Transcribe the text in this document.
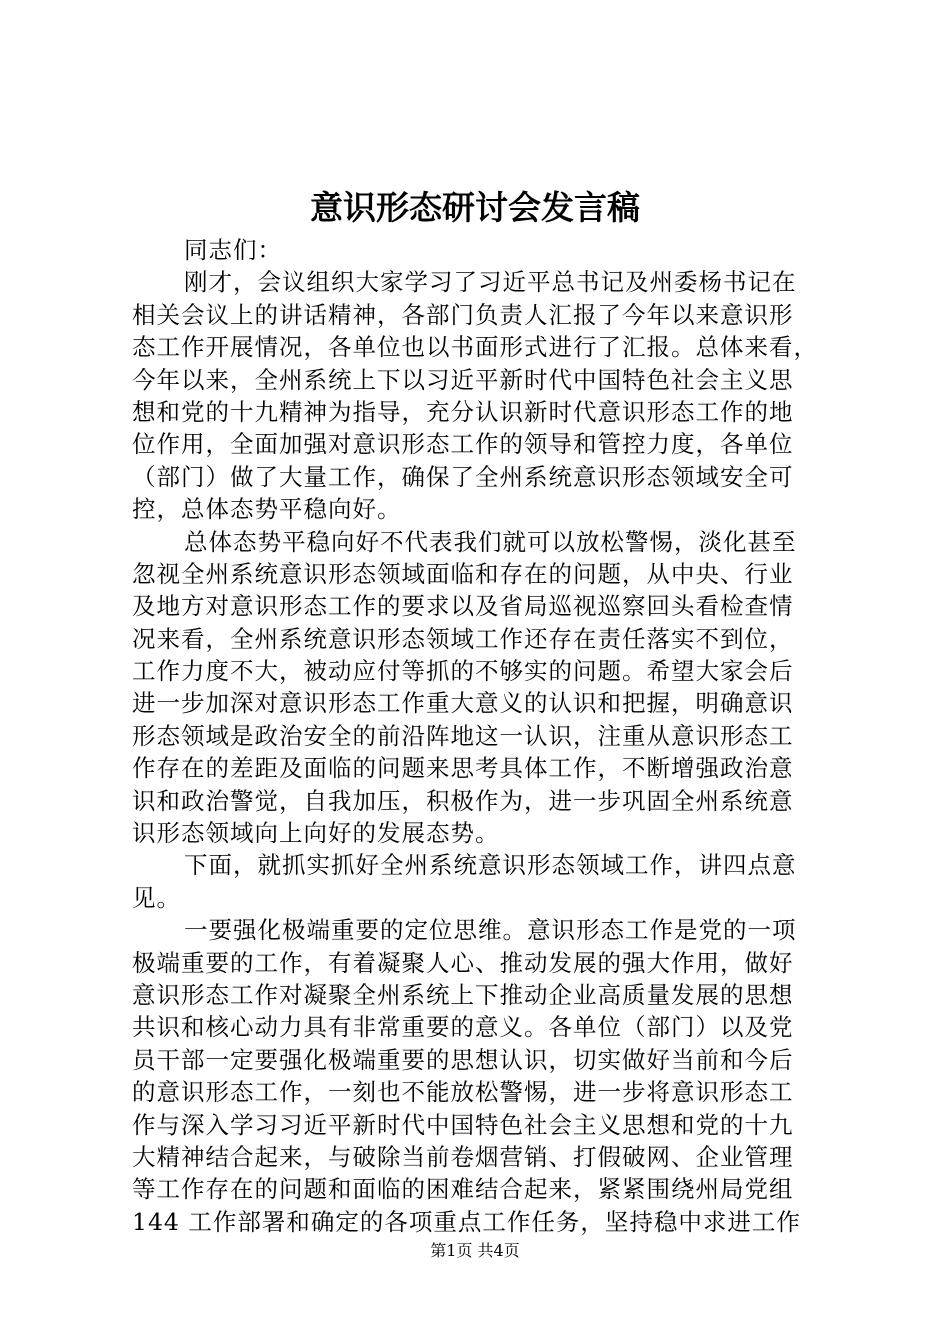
意识形态研讨会发言稿
同志们：
刚才，会议组织大家学习了习近平总书记及州委杨书记在
相关会议上的讲话精神，各部门负责人汇报了今年以来意识形
态工作开展情况，各单位也以书面形式进行了汇报。总体来看，
今年以来，全州系统上下以习近平新时代中国特色社会主义思
想和党的十九精神为指导，充分认识新时代意识形态工作的地
位作用，全面加强对意识形态工作的领导和管控力度，各单位
（部门）做了大量工作，确保了全州系统意识形态领域安全可
控，总体态势平稳向好。
总体态势平稳向好不代表我们就可以放松警惕，淡化甚至
忽视全州系统意识形态领域面临和存在的问题，从中央、行业
及地方对意识形态工作的要求以及省局巡视巡察回头看检查情
况来看，全州系统意识形态领域工作还存在责任落实不到位，
工作力度不大，被动应付等抓的不够实的问题。希望大家会后
进一步加深对意识形态工作重大意义的认识和把握，明确意识
形态领域是政治安全的前沿阵地这一认识，注重从意识形态工
作存在的差距及面临的问题来思考具体工作，不断增强政治意
识和政治警觉，自我加压，积极作为，进一步巩固全州系统意
识形态领域向上向好的发展态势。
下面，就抓实抓好全州系统意识形态领域工作，讲四点意
见。
一要强化极端重要的定位思维。意识形态工作是党的一项
极端重要的工作，有着凝聚人心、推动发展的强大作用，做好
意识形态工作对凝聚全州系统上下推动企业高质量发展的思想
共识和核心动力具有非常重要的意义。各单位（部门）以及党
员干部一定要强化极端重要的思想认识，切实做好当前和今后
的意识形态工作，一刻也不能放松警惕，进一步将意识形态工
作与深入学习习近平新时代中国特色社会主义思想和党的十九
大精神结合起来，与破除当前卷烟营销、打假破网、企业管理
等工作存在的问题和面临的困难结合起来，紧紧围绕州局党组
144 工作部署和确定的各项重点工作任务，坚持稳中求进工作
第1页 共4页
